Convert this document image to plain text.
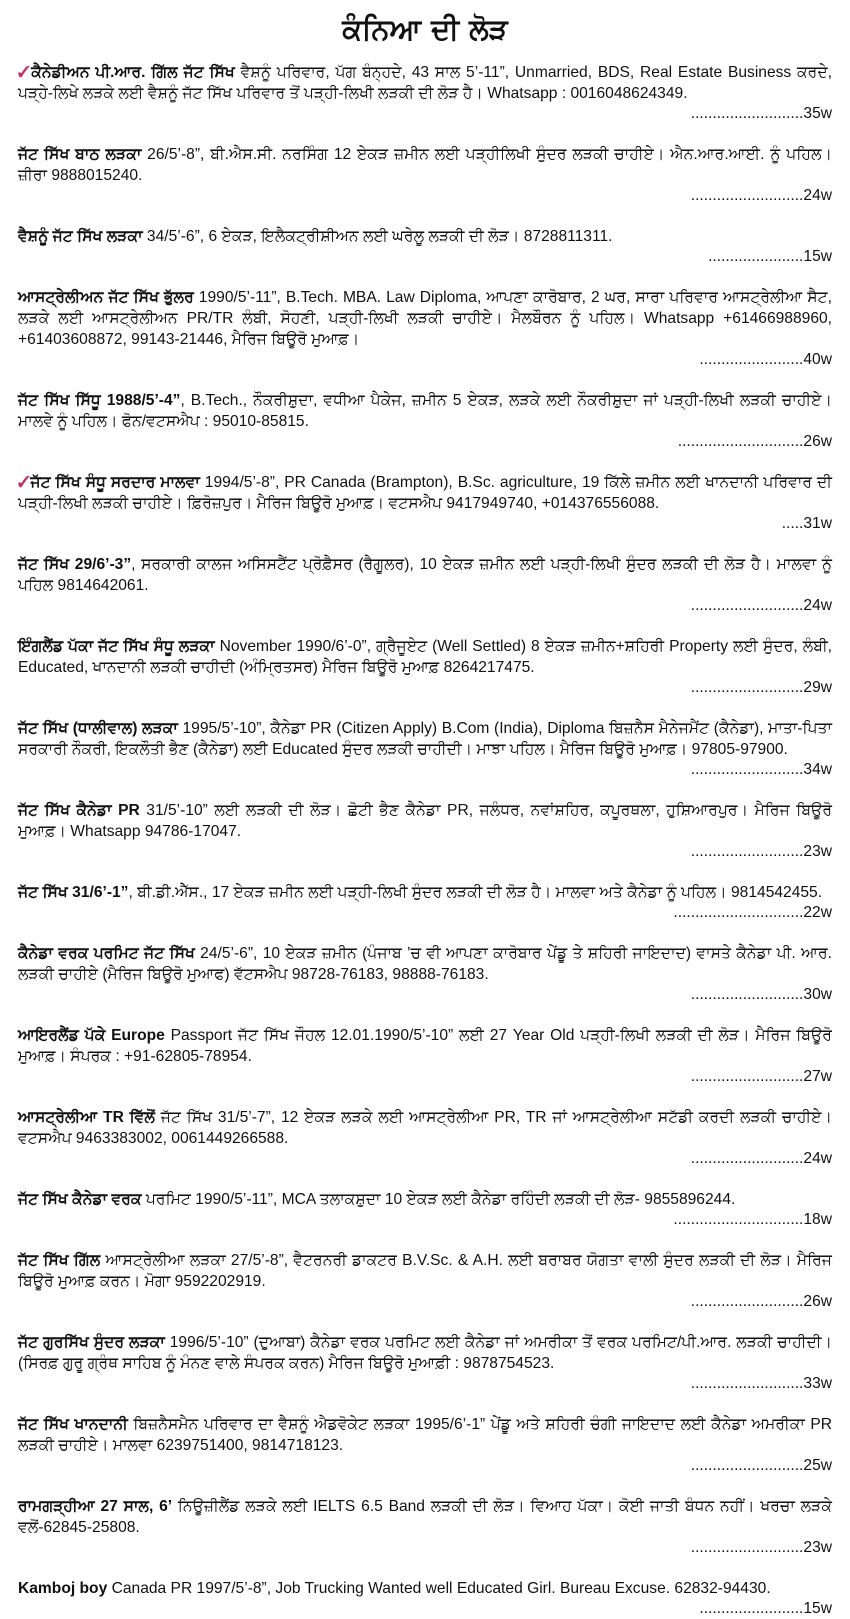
ਕੰਨਿਆ ਦੀ ਲੋੜ
✓ਕੈਨੇਡੀਅਨ ਪੀ.ਆਰ. ਗਿੱਲ ਜੱਟ ਸਿੱਖ ਵੈਸ਼ਨੂੰ ਪਰਿਵਾਰ, ਪੱਗ ਬੰਨ੍ਹਦੇ, 43 ਸਾਲ 5’-11”, Unmarried, BDS, Real Estate Business ਕਰਦੇ, ਪੜ੍ਹੇ-ਲਿਖੇ ਲੜਕੇ ਲਈ ਵੈਸ਼ਨੂੰ ਜੱਟ ਸਿੱਖ ਪਰਿਵਾਰ ਤੋਂ ਪੜ੍ਹੀ-ਲਿਖੀ ਲੜਕੀ ਦੀ ਲੋੜ ਹੈ। Whatsapp : 0016048624349.
..........................35w
ਜੱਟ ਸਿੱਖ ਬਾਠ ਲੜਕਾ 26/5’-8”, ਬੀ.ਐਸ.ਸੀ. ਨਰਸਿੰਗ 12 ਏਕੜ ਜ਼ਮੀਨ ਲਈ ਪੜ੍ਹੀਲਿਖੀ ਸੁੰਦਰ ਲੜਕੀ ਚਾਹੀਏ। ਐਨ.ਆਰ.ਆਈ. ਨੂੰ ਪਹਿਲ। ਜ਼ੀਰਾ 9888015240.
..........................24w
ਵੈਸ਼ਨੂੰ ਜੱਟ ਸਿੱਖ ਲੜਕਾ 34/5’-6”, 6 ਏਕੜ, ਇਲੈਕਟ੍ਰੀਸ਼ੀਅਨ ਲਈ ਘਰੇਲੂ ਲੜਕੀ ਦੀ ਲੋੜ। 8728811311.
......................15w
ਆਸਟ੍ਰੇਲੀਅਨ ਜੱਟ ਸਿੱਖ ਭੁੱਲਰ 1990/5’-11”, B.Tech. MBA. Law Diploma, ਆਪਣਾ ਕਾਰੋਬਾਰ, 2 ਘਰ, ਸਾਰਾ ਪਰਿਵਾਰ ਆਸਟ੍ਰੇਲੀਆ ਸੈਟ, ਲੜਕੇ ਲਈ ਆਸਟ੍ਰੇਲੀਅਨ PR/TR ਲੰਬੀ, ਸੋਹਣੀ, ਪੜ੍ਹੀ-ਲਿਖੀ ਲੜਕੀ ਚਾਹੀਏ। ਮੈਲਬੌਰਨ ਨੂੰ ਪਹਿਲ। Whatsapp +61466988960, +61403608872, 99143-21446, ਮੈਰਿਜ ਬਿਊਰੋ ਮੁਆਫ਼।
........................40w
ਜੱਟ ਸਿੱਖ ਸਿੱਧੂ 1988/5’-4”, B.Tech., ਨੌਕਰੀਸ਼ੁਦਾ, ਵਧੀਆ ਪੈਕੇਜ, ਜ਼ਮੀਨ 5 ਏਕੜ, ਲੜਕੇ ਲਈ ਨੌਕਰੀਸ਼ੁਦਾ ਜਾਂ ਪੜ੍ਹੀ-ਲਿਖੀ ਲੜਕੀ ਚਾਹੀਏ। ਮਾਲਵੇ ਨੂੰ ਪਹਿਲ। ਫੋਨ/ਵਟਸਐਪ : 95010-85815.
.............................26w
✓ਜੱਟ ਸਿੱਖ ਸੰਧੂ ਸਰਦਾਰ ਮਾਲਵਾ 1994/5’-8”, PR Canada (Brampton), B.Sc. agriculture, 19 ਕਿੱਲੇ ਜ਼ਮੀਨ ਲਈ ਖਾਨਦਾਨੀ ਪਰਿਵਾਰ ਦੀ ਪੜ੍ਹੀ-ਲਿਖੀ ਲੜਕੀ ਚਾਹੀਏ। ਫ਼ਿਰੋਜ਼ਪੁਰ। ਮੈਰਿਜ ਬਿਊਰੋ ਮੁਆਫ਼। ਵਟਸਐਪ 9417949740, +014376556088.
.....31w
ਜੱਟ ਸਿੱਖ 29/6’-3”, ਸਰਕਾਰੀ ਕਾਲਜ ਅਸਿਸਟੈਂਟ ਪ੍ਰੋਫ਼ੈਸਰ (ਰੈਗੂਲਰ), 10 ਏਕੜ ਜ਼ਮੀਨ ਲਈ ਪੜ੍ਹੀ-ਲਿਖੀ ਸੁੰਦਰ ਲੜਕੀ ਦੀ ਲੋੜ ਹੈ। ਮਾਲਵਾ ਨੂੰ ਪਹਿਲ 9814642061.
..........................24w
ਇੰਗਲੈਂਡ ਪੱਕਾ ਜੱਟ ਸਿੱਖ ਸੰਧੂ ਲੜਕਾ November 1990/6’-0”, ਗ੍ਰੈਜੂਏਟ (Well Settled) 8 ਏਕੜ ਜ਼ਮੀਨ+ਸ਼ਹਿਰੀ Property ਲਈ ਸੁੰਦਰ, ਲੰਬੀ, Educated, ਖਾਨਦਾਨੀ ਲੜਕੀ ਚਾਹੀਦੀ (ਅੰਮ੍ਰਿਤਸਰ) ਮੈਰਿਜ ਬਿਊਰੋ ਮੁਆਫ਼ 8264217475.
..........................29w
ਜੱਟ ਸਿੱਖ (ਧਾਲੀਵਾਲ) ਲੜਕਾ 1995/5’-10”, ਕੈਨੇਡਾ PR (Citizen Apply) B.Com (India), Diploma ਬਿਜ਼ਨੈਸ ਮੈਨੇਜਮੈਂਟ (ਕੈਨੇਡਾ), ਮਾਤਾ-ਪਿਤਾ ਸਰਕਾਰੀ ਨੌਕਰੀ, ਇਕਲੌਤੀ ਭੈਣ (ਕੈਨੇਡਾ) ਲਈ Educated ਸੁੰਦਰ ਲੜਕੀ ਚਾਹੀਦੀ। ਮਾਝਾ ਪਹਿਲ। ਮੈਰਿਜ ਬਿਊਰੋ ਮੁਆਫ਼। 97805-97900.
..........................34w
ਜੱਟ ਸਿੱਖ ਕੈਨੇਡਾ PR 31/5’-10” ਲਈ ਲੜਕੀ ਦੀ ਲੋੜ। ਛੋਟੀ ਭੈਣ ਕੈਨੇਡਾ PR, ਜਲੰਧਰ, ਨਵਾਂਸ਼ਹਿਰ, ਕਪੂਰਥਲਾ, ਹੁਸ਼ਿਆਰਪੁਰ। ਮੈਰਿਜ ਬਿਊਰੋ ਮੁਆਫ਼। Whatsapp 94786-17047.
..........................23w
ਜੱਟ ਸਿੱਖ 31/6’-1”, ਬੀ.ਡੀ.ਐੱਸ., 17 ਏਕੜ ਜ਼ਮੀਨ ਲਈ ਪੜ੍ਹੀ-ਲਿਖੀ ਸੁੰਦਰ ਲੜਕੀ ਦੀ ਲੋੜ ਹੈ। ਮਾਲਵਾ ਅਤੇ ਕੈਨੇਡਾ ਨੂੰ ਪਹਿਲ। 9814542455.
..............................22w
ਕੈਨੇਡਾ ਵਰਕ ਪਰਮਿਟ ਜੱਟ ਸਿੱਖ 24/5’-6”, 10 ਏਕੜ ਜ਼ਮੀਨ (ਪੰਜਾਬ ’ਚ ਵੀ ਆਪਣਾ ਕਾਰੋਬਾਰ ਪੇਂਡੂ ਤੇ ਸ਼ਹਿਰੀ ਜਾਇਦਾਦ) ਵਾਸਤੇ ਕੈਨੇਡਾ ਪੀ. ਆਰ. ਲੜਕੀ ਚਾਹੀਏ (ਮੈਰਿਜ ਬਿਊਰੋ ਮੁਆਫ) ਵੱਟਸਐਪ 98728-76183, 98888-76183.
..........................30w
ਆਇਰਲੈਂਡ ਪੱਕੇ Europe Passport ਜੱਟ ਸਿੱਖ ਜੌਹਲ 12.01.1990/5’-10” ਲਈ 27 Year Old ਪੜ੍ਹੀ-ਲਿਖੀ ਲੜਕੀ ਦੀ ਲੋੜ। ਮੈਰਿਜ ਬਿਊਰੋ ਮੁਆਫ਼। ਸੰਪਰਕ : +91-62805-78954.
..........................27w
ਆਸਟ੍ਰੇਲੀਆ TR ਵਿੱਲੋਂ ਜੱਟ ਸਿੱਖ 31/5’-7”, 12 ਏਕੜ ਲੜਕੇ ਲਈ ਆਸਟ੍ਰੇਲੀਆ PR, TR ਜਾਂ ਆਸਟ੍ਰੇਲੀਆ ਸਟੱਡੀ ਕਰਦੀ ਲੜਕੀ ਚਾਹੀਏ। ਵਟਸਐਪ 9463383002, 0061449266588.
..........................24w
ਜੱਟ ਸਿੱਖ ਕੈਨੇਡਾ ਵਰਕ ਪਰਮਿਟ 1990/5’-11”, MCA ਤਲਾਕਸ਼ੁਦਾ 10 ਏਕੜ ਲਈ ਕੈਨੇਡਾ ਰਹਿੰਦੀ ਲੜਕੀ ਦੀ ਲੋੜ- 9855896244.
..............................18w
ਜੱਟ ਸਿੱਖ ਗਿੱਲ ਆਸਟ੍ਰੇਲੀਆ ਲੜਕਾ 27/5’-8”, ਵੈਟਰਨਰੀ ਡਾਕਟਰ B.V.Sc. & A.H. ਲਈ ਬਰਾਬਰ ਯੋਗਤਾ ਵਾਲੀ ਸੁੰਦਰ ਲੜਕੀ ਦੀ ਲੋੜ। ਮੈਰਿਜ ਬਿਊਰੋ ਮੁਆਫ਼ ਕਰਨ। ਮੋਗਾ 9592202919.
..........................26w
ਜੱਟ ਗੁਰਸਿੱਖ ਸੁੰਦਰ ਲੜਕਾ 1996/5’-10” (ਦੁਆਬਾ) ਕੈਨੇਡਾ ਵਰਕ ਪਰਮਿਟ ਲਈ ਕੈਨੇਡਾ ਜਾਂ ਅਮਰੀਕਾ ਤੋਂ ਵਰਕ ਪਰਮਿਟ/ਪੀ.ਆਰ. ਲੜਕੀ ਚਾਹੀਦੀ। (ਸਿਰਫ਼ ਗੁਰੂ ਗ੍ਰੰਥ ਸਾਹਿਬ ਨੂੰ ਮੰਨਣ ਵਾਲੇ ਸੰਪਰਕ ਕਰਨ) ਮੈਰਿਜ ਬਿਊਰੋ ਮੁਆਫ਼ੀ : 9878754523.
..........................33w
ਜੱਟ ਸਿੱਖ ਖਾਨਦਾਨੀ ਬਿਜ਼ਨੈਸਮੈਨ ਪਰਿਵਾਰ ਦਾ ਵੈਸ਼ਨੂੰ ਐਡਵੋਕੇਟ ਲੜਕਾ 1995/6’-1” ਪੇਂਡੂ ਅਤੇ ਸ਼ਹਿਰੀ ਚੰਗੀ ਜਾਇਦਾਦ ਲਈ ਕੈਨੇਡਾ ਅਮਰੀਕਾ PR ਲੜਕੀ ਚਾਹੀਏ। ਮਾਲਵਾ 6239751400, 9814718123.
..........................25w
ਰਾਮਗੜ੍ਹੀਆ 27 ਸਾਲ, 6’ ਨਿਊਜ਼ੀਲੈਂਡ ਲੜਕੇ ਲਈ IELTS 6.5 Band ਲੜਕੀ ਦੀ ਲੋੜ। ਵਿਆਹ ਪੱਕਾ। ਕੋਈ ਜਾਤੀ ਬੰਧਨ ਨਹੀਂ। ਖਰਚਾ ਲੜਕੇ ਵਲੋਂ-62845-25808.
..........................23w
Kamboj boy Canada PR 1997/5’-8”, Job Trucking Wanted well Educated Girl. Bureau Excuse. 62832-94430.
........................15w
